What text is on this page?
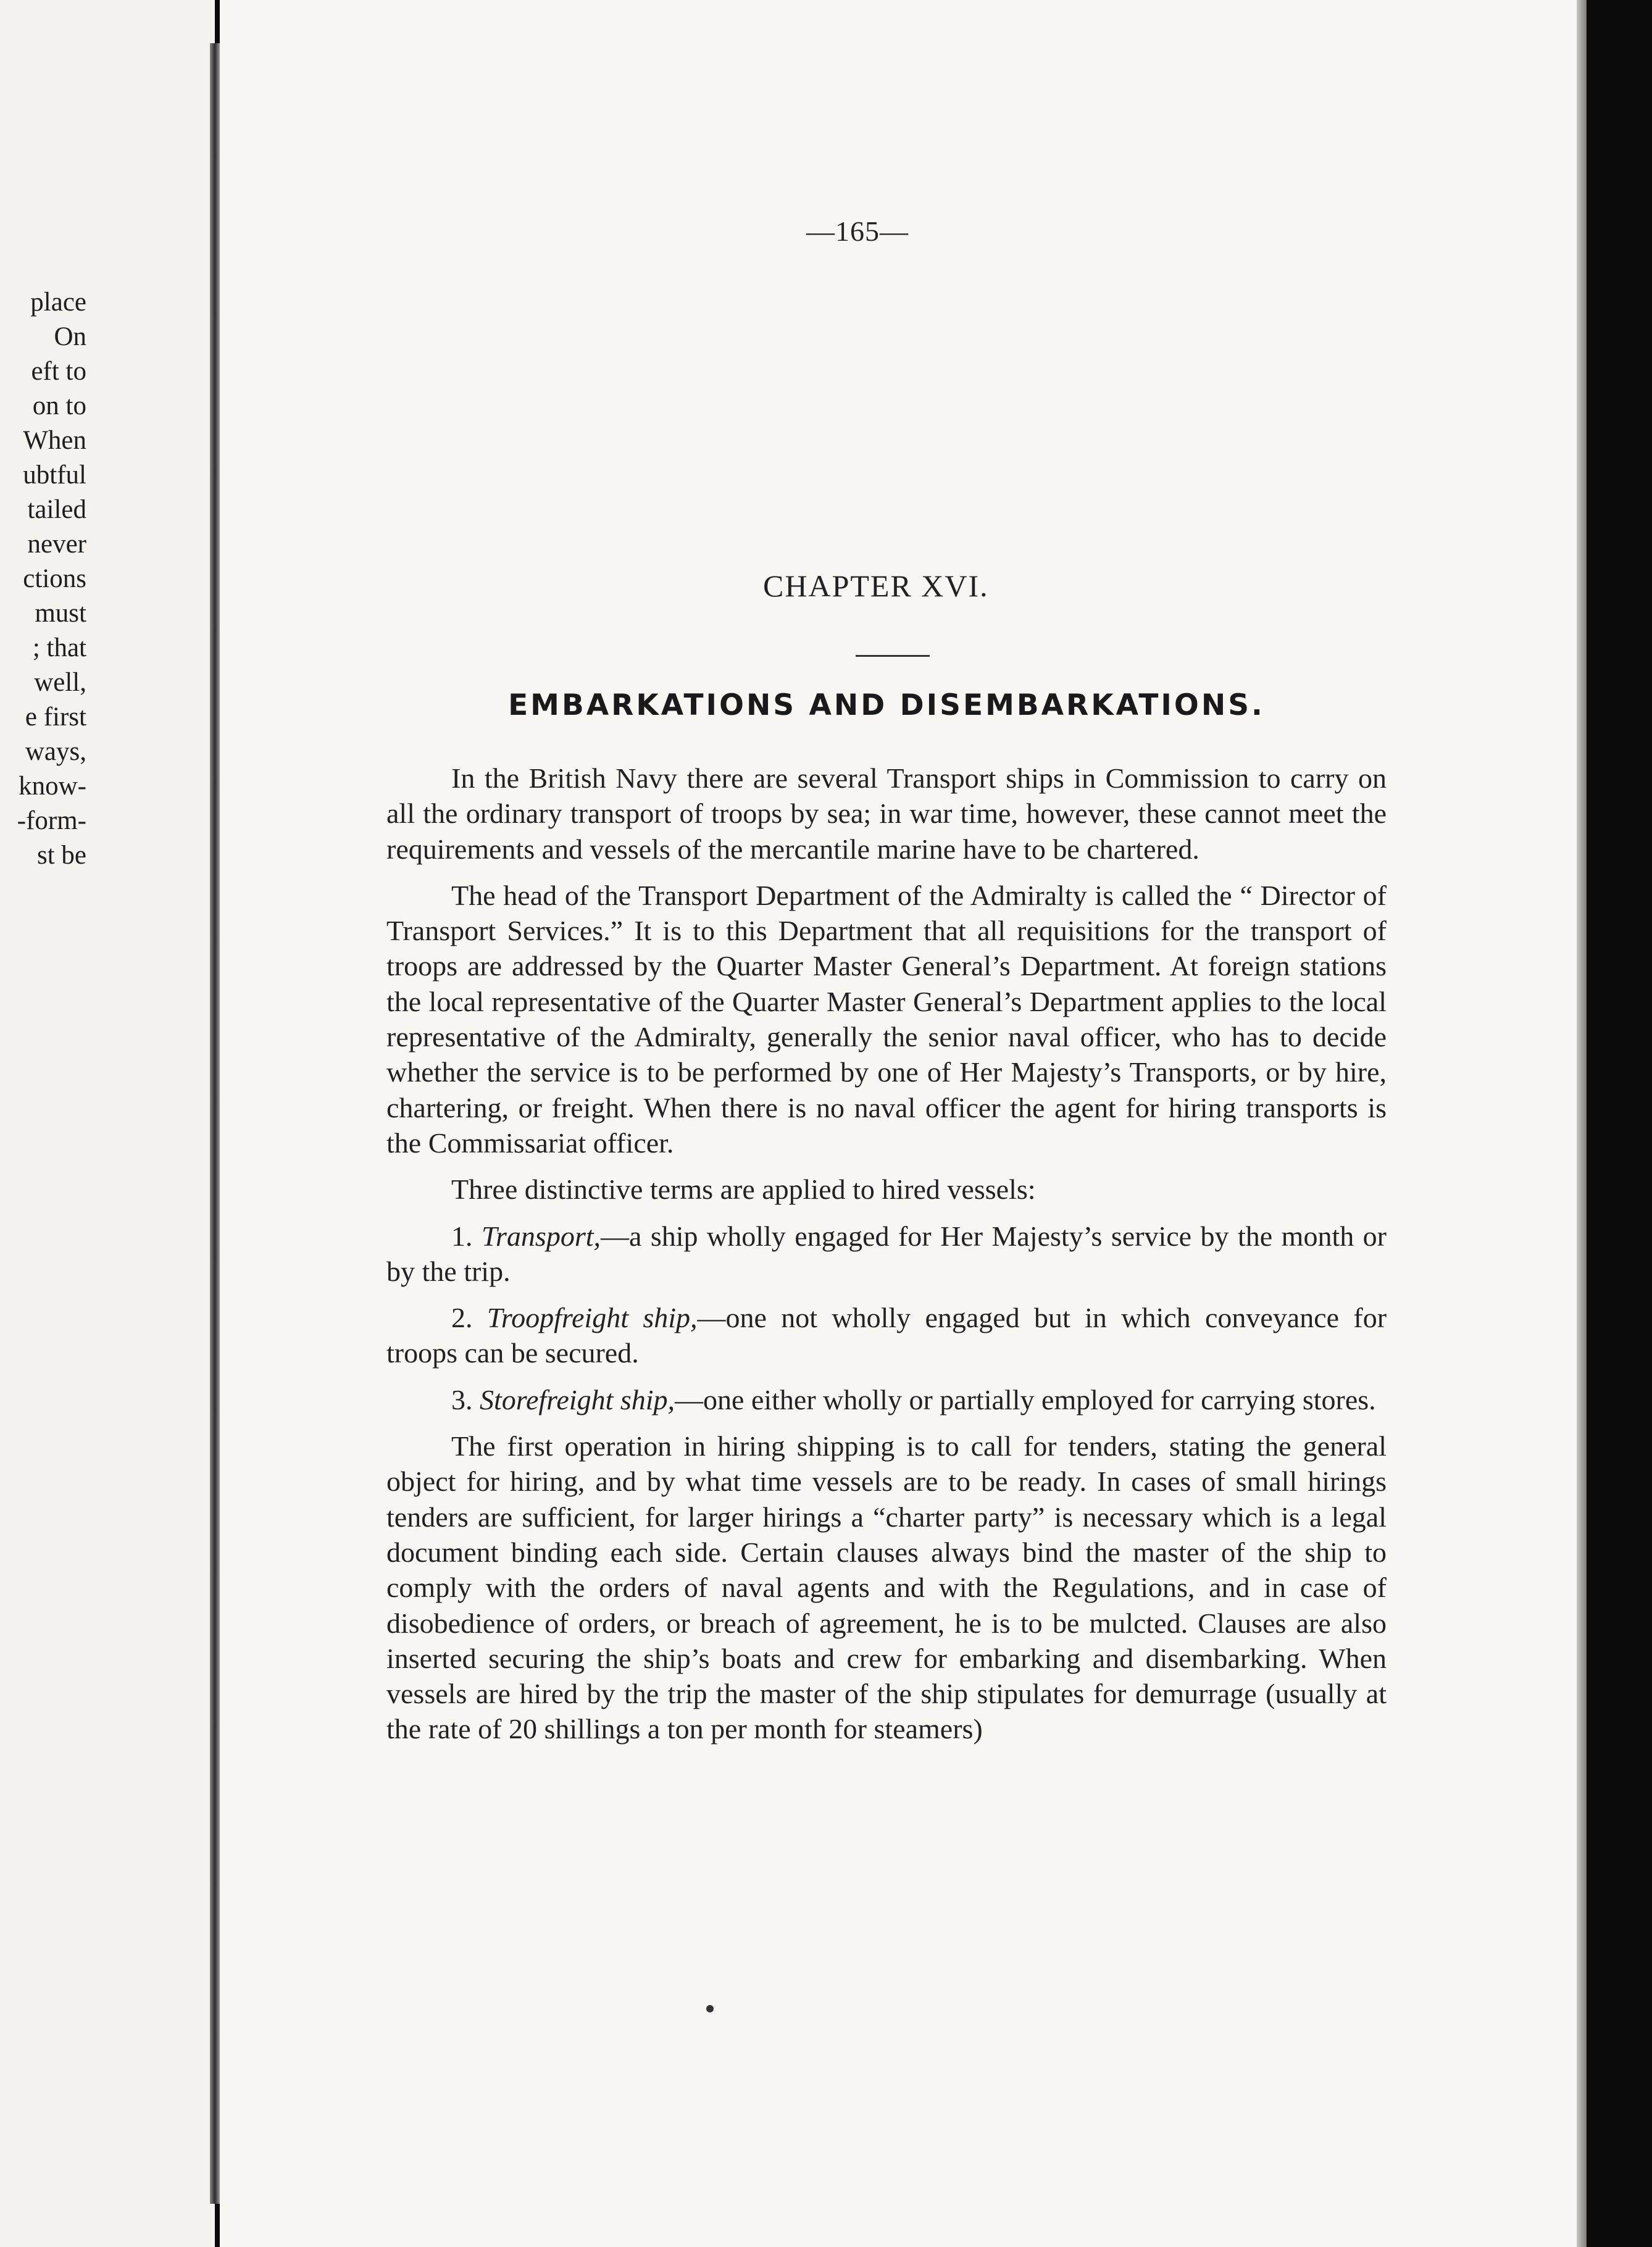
place
On
eft to
on to
When
ubtful
tailed
never
ctions
must
; that
well,
e first
ways,
know-
-form-
st be
—165—
CHAPTER XVI.
EMBARKATIONS AND DISEMBARKATIONS.

In the British Navy there are several Transport ships in Commission to carry on all the ordinary transport of troops by sea; in war time, however, these cannot meet the requirements and vessels of the mercantile marine have to be chartered.

The head of the Transport Department of the Admiralty is called the “ Director of Transport Services.” It is to this Department that all requisitions for the transport of troops are addressed by the Quarter Master General’s Department. At foreign stations the local representative of the Quarter Master General’s Department applies to the local representative of the Admiralty, generally the senior naval officer, who has to decide whether the service is to be performed by one of Her Majesty’s Transports, or by hire, chartering, or freight. When there is no naval officer the agent for hiring transports is the Commissariat officer.

Three distinctive terms are applied to hired vessels:

1. Transport,—a ship wholly engaged for Her Majesty’s service by the month or by the trip.

2. Troopfreight ship,—one not wholly engaged but in which conveyance for troops can be secured.

3. Storefreight ship,—one either wholly or partially employed for carrying stores.

The first operation in hiring shipping is to call for tenders, stating the general object for hiring, and by what time vessels are to be ready. In cases of small hirings tenders are sufficient, for larger hirings a “charter party” is necessary which is a legal document binding each side. Certain clauses always bind the master of the ship to comply with the orders of naval agents and with the Regulations, and in case of disobedience of orders, or breach of agreement, he is to be mulcted. Clauses are also inserted securing the ship’s boats and crew for embarking and disembarking. When vessels are hired by the trip the master of the ship stipulates for demurrage (usually at the rate of 20 shillings a ton per month for steamers)
